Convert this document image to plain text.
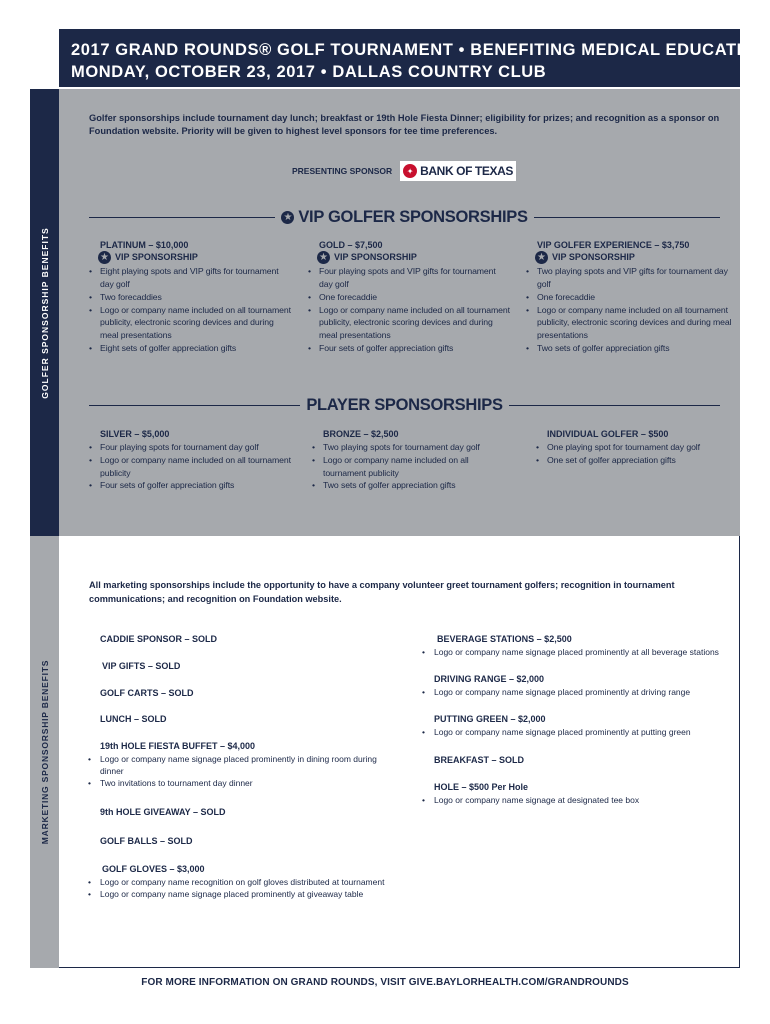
2017 GRAND ROUNDS® GOLF TOURNAMENT • BENEFITING MEDICAL EDUCATION
MONDAY, OCTOBER 23, 2017 • DALLAS COUNTRY CLUB
GOLFER SPONSORSHIP BENEFITS
MARKETING SPONSORSHIP BENEFITS
Golfer sponsorships include tournament day lunch; breakfast or 19th Hole Fiesta Dinner; eligibility for prizes; and recognition as a sponsor on Foundation website. Priority will be given to highest level sponsors for tee time preferences.
PRESENTING SPONSOR	✦ BANK OF TEXAS
★ VIP GOLFER SPONSORSHIPS
PLATINUM – $10,000
★ VIP SPONSORSHIP
• Eight playing spots and VIP gifts for tournament day golf
• Two forecaddies
• Logo or company name included on all tournament publicity, electronic scoring devices and during meal presentations
• Eight sets of golfer appreciation gifts
GOLD – $7,500
★ VIP SPONSORSHIP
• Four playing spots and VIP gifts for tournament day golf
• One forecaddie
• Logo or company name included on all tournament publicity, electronic scoring devices and during meal presentations
• Four sets of golfer appreciation gifts
VIP GOLFER EXPERIENCE – $3,750
★ VIP SPONSORSHIP
• Two playing spots and VIP gifts for tournament day golf
• One forecaddie
• Logo or company name included on all tournament publicity, electronic scoring devices and during meal presentations
• Two sets of golfer appreciation gifts
PLAYER SPONSORSHIPS
SILVER – $5,000
• Four playing spots for tournament day golf
• Logo or company name included on all tournament publicity
• Four sets of golfer appreciation gifts
BRONZE – $2,500
• Two playing spots for tournament day golf
• Logo or company name included on all tournament publicity
• Two sets of golfer appreciation gifts
INDIVIDUAL GOLFER – $500
• One playing spot for tournament day golf
• One set of golfer appreciation gifts
All marketing sponsorships include the opportunity to have a company volunteer greet tournament golfers; recognition in tournament communications; and recognition on Foundation website.
CADDIE SPONSOR – SOLD
VIP GIFTS – SOLD
GOLF CARTS – SOLD
LUNCH – SOLD
19th HOLE FIESTA BUFFET – $4,000
• Logo or company name signage placed prominently in dining room during dinner
• Two invitations to tournament day dinner
9th HOLE GIVEAWAY – SOLD
GOLF BALLS – SOLD
GOLF GLOVES – $3,000
• Logo or company name recognition on golf gloves distributed at tournament
• Logo or company name signage placed prominently at giveaway table
BEVERAGE STATIONS – $2,500
• Logo or company name signage placed prominently at all beverage stations
DRIVING RANGE – $2,000
• Logo or company name signage placed prominently at driving range
PUTTING GREEN – $2,000
• Logo or company name signage placed prominently at putting green
BREAKFAST – SOLD
HOLE – $500 Per Hole
• Logo or company name signage at designated tee box
FOR MORE INFORMATION ON GRAND ROUNDS, VISIT GIVE.BAYLORHEALTH.COM/GRANDROUNDS
